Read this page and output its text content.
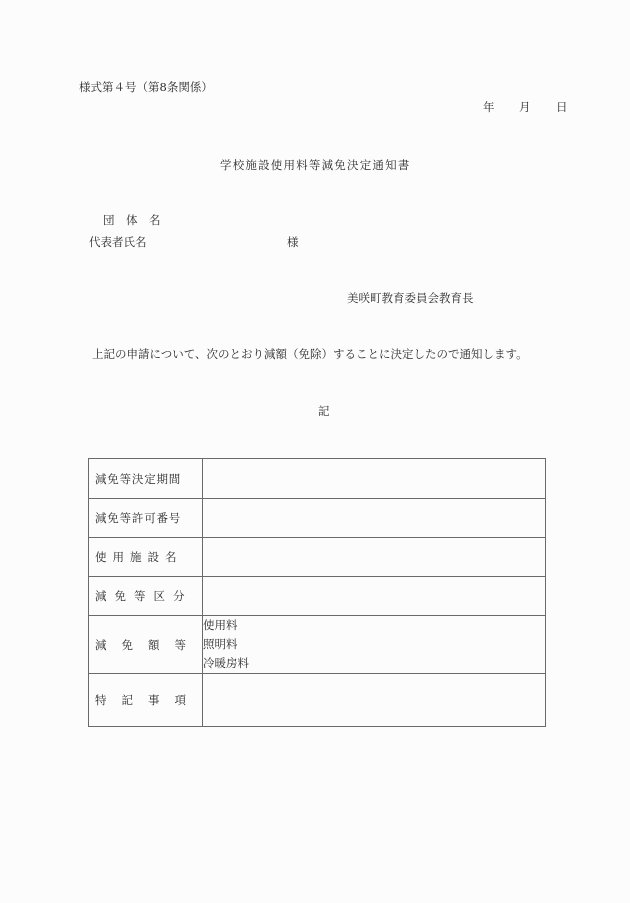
様式第４号（第8条関係）
年 月 日
学校施設使用料等減免決定通知書
団　体　名
代表者氏名	様
美咲町教育委員会教育長
上記の申請について、次のとおり減額（免除）することに決定したので通知します。
記
減免等決定期間	
減免等許可番号	
使用施設名	
減免等区分	
減免額等	使用料
照明料
冷暖房料

特記事項	
